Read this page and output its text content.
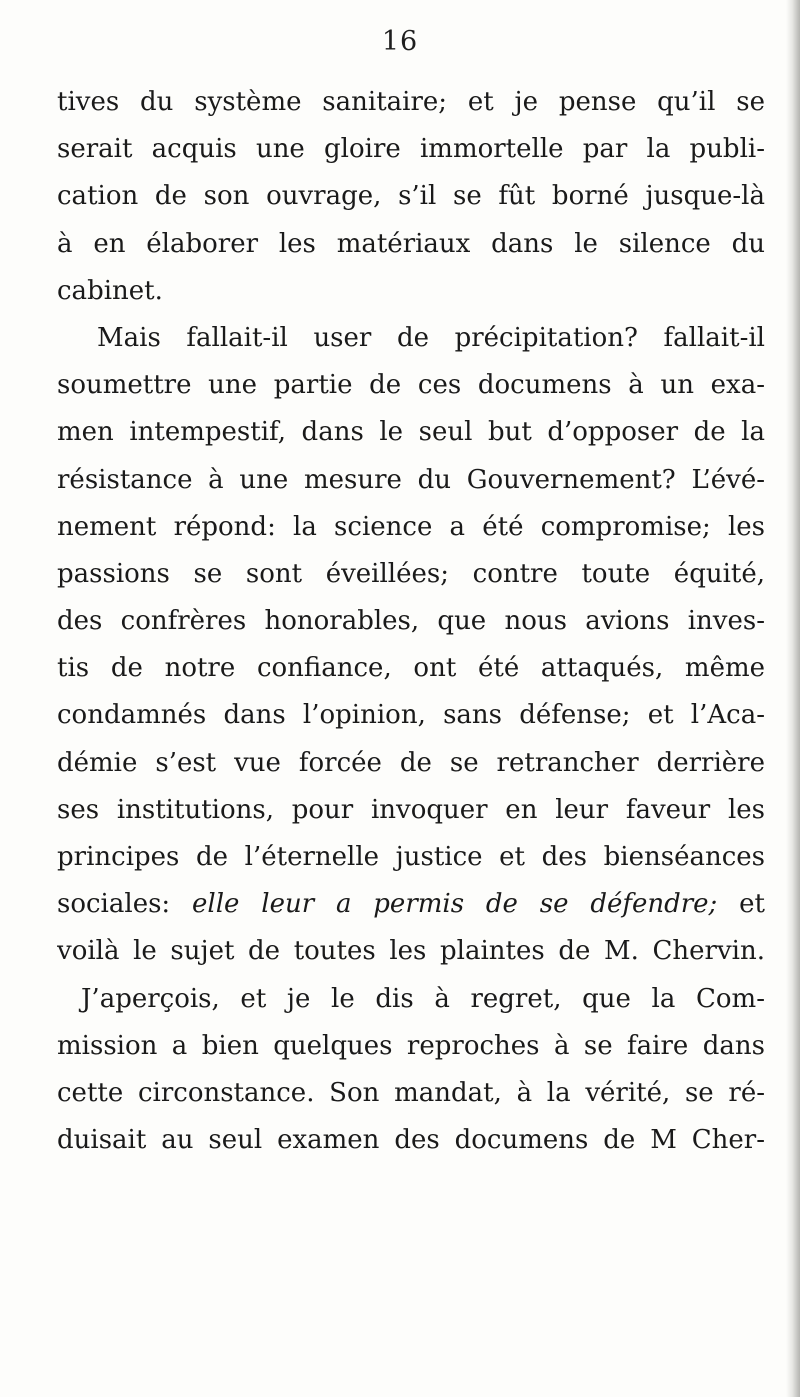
16
tives du système sanitaire; et je pense qu’il se
serait acquis une gloire immortelle par la publi-
cation de son ouvrage, s’il se fût borné jusque-là
à en élaborer les matériaux dans le silence du
cabinet.
Mais fallait-il user de précipitation? fallait-il
soumettre une partie de ces documens à un exa-
men intempestif, dans le seul but d’opposer de la
résistance à une mesure du Gouvernement? L’évé-
nement répond: la science a été compromise; les
passions se sont éveillées; contre toute équité,
des confrères honorables, que nous avions inves-
tis de notre confiance, ont été attaqués, même
condamnés dans l’opinion, sans défense; et l’Aca-
démie s’est vue forcée de se retrancher derrière
ses institutions, pour invoquer en leur faveur les
principes de l’éternelle justice et des bienséances
sociales: elle leur a permis de se défendre; et
voilà le sujet de toutes les plaintes de M. Chervin.
J’aperçois, et je le dis à regret, que la Com-
mission a bien quelques reproches à se faire dans
cette circonstance. Son mandat, à la vérité, se ré-
duisait au seul examen des documens de M Cher-
